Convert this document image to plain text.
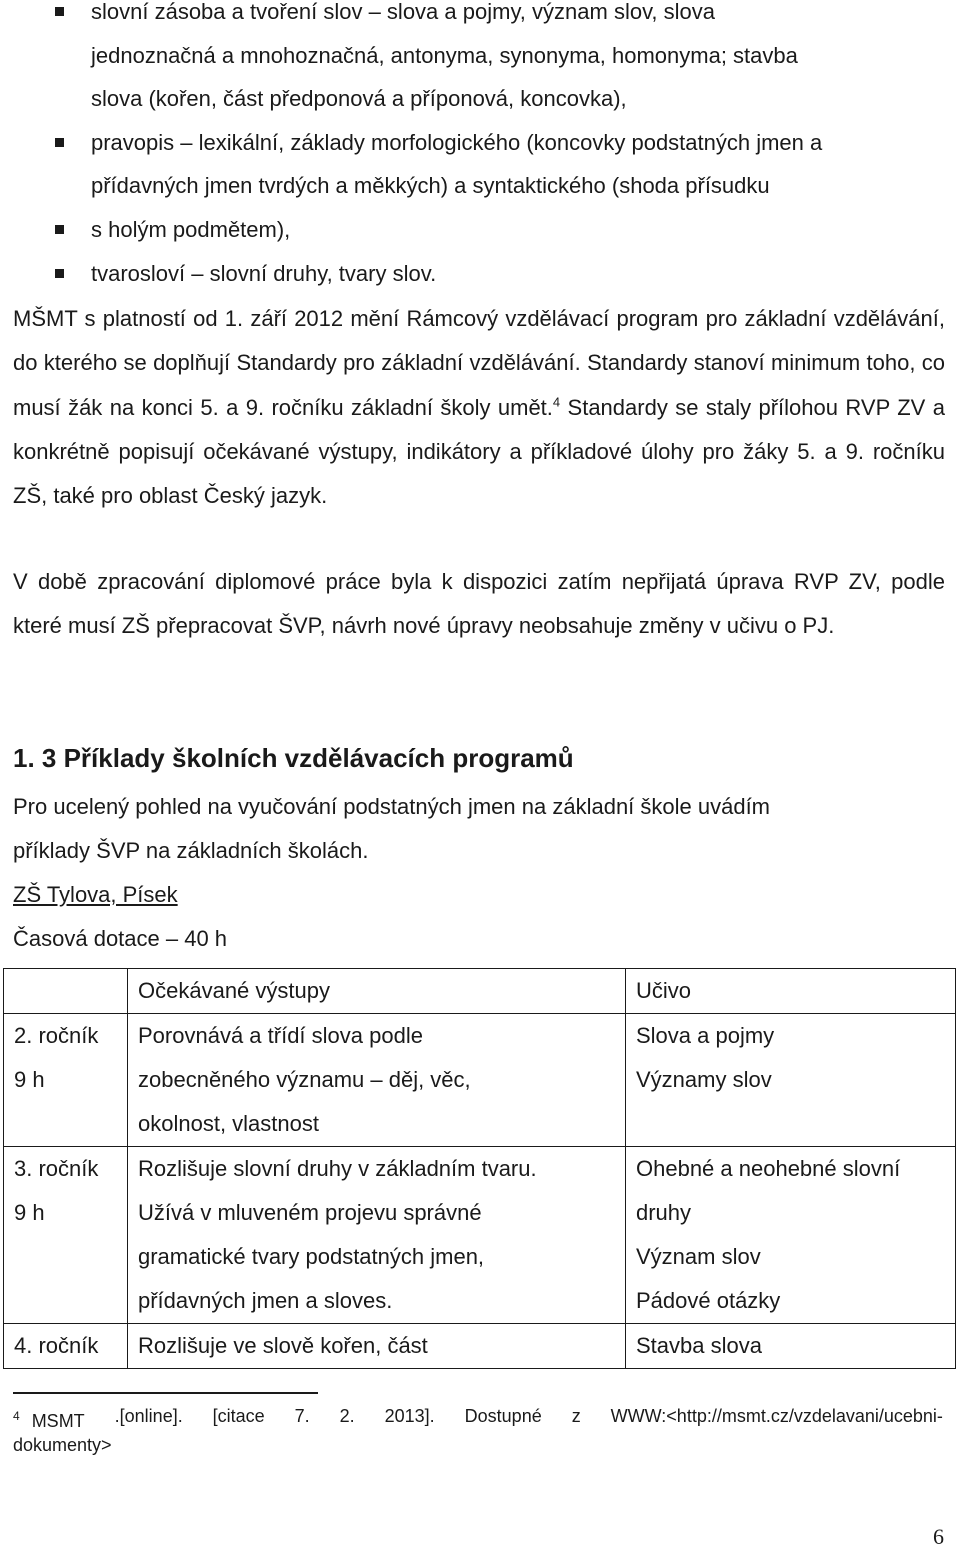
slovní zásoba a tvoření slov – slova a pojmy, význam slov, slova
jednoznačná a mnohoznačná, antonyma, synonyma, homonyma; stavba
slova (kořen, část předponová a příponová, koncovka),
pravopis – lexikální, základy morfologického (koncovky podstatných jmen a
přídavných jmen tvrdých a měkkých) a syntaktického (shoda přísudku
s holým podmětem),
tvarosloví – slovní druhy, tvary slov.

MŠMT s platností od 1. září 2012 mění Rámcový vzdělávací program pro základní vzdělávání, do kterého se doplňují Standardy pro základní vzdělávání. Standardy stanoví minimum toho, co musí žák na konci 5. a 9. ročníku základní školy umět.$^4$ Standardy se staly přílohou RVP ZV a konkrétně popisují očekávané výstupy, indikátory a příkladové úlohy pro žáky 5. a 9. ročníku ZŠ, také pro oblast Český jazyk.

V době zpracování diplomové práce byla k dispozici zatím nepřijatá úprava RVP ZV, podle které musí ZŠ přepracovat ŠVP, návrh nové úpravy neobsahuje změny v učivu o PJ.

1. 3 Příklady školních vzdělávacích programů

Pro ucelený pohled na vyučování podstatných jmen na základní škole uvádím

příklady ŠVP na základních školách.

ZŠ Tylova, Písek

Časová dotace – 40 h

	Očekávané výstupy	Učivo

2. ročník
9 h	Porovnává a třídí slova podle
zobecněného významu – děj, věc,
okolnost, vlastnost	Slova a pojmy
Významy slov

3. ročník
9 h	Rozlišuje slovní druhy v základním tvaru.
Užívá v mluveném projevu správné
gramatické tvary podstatných jmen,
přídavných jmen a sloves.	Ohebné a neohebné slovní
druhy
Význam slov
Pádové otázky

4. ročník	Rozlišuje ve slově kořen, část	Stavba slova
$^4$ MSMT .[online]. [citace 7. 2. 2013]. Dostupné z WWW:<http://msmt.cz/vzdelavani/ucebni-
dokumenty>
6
